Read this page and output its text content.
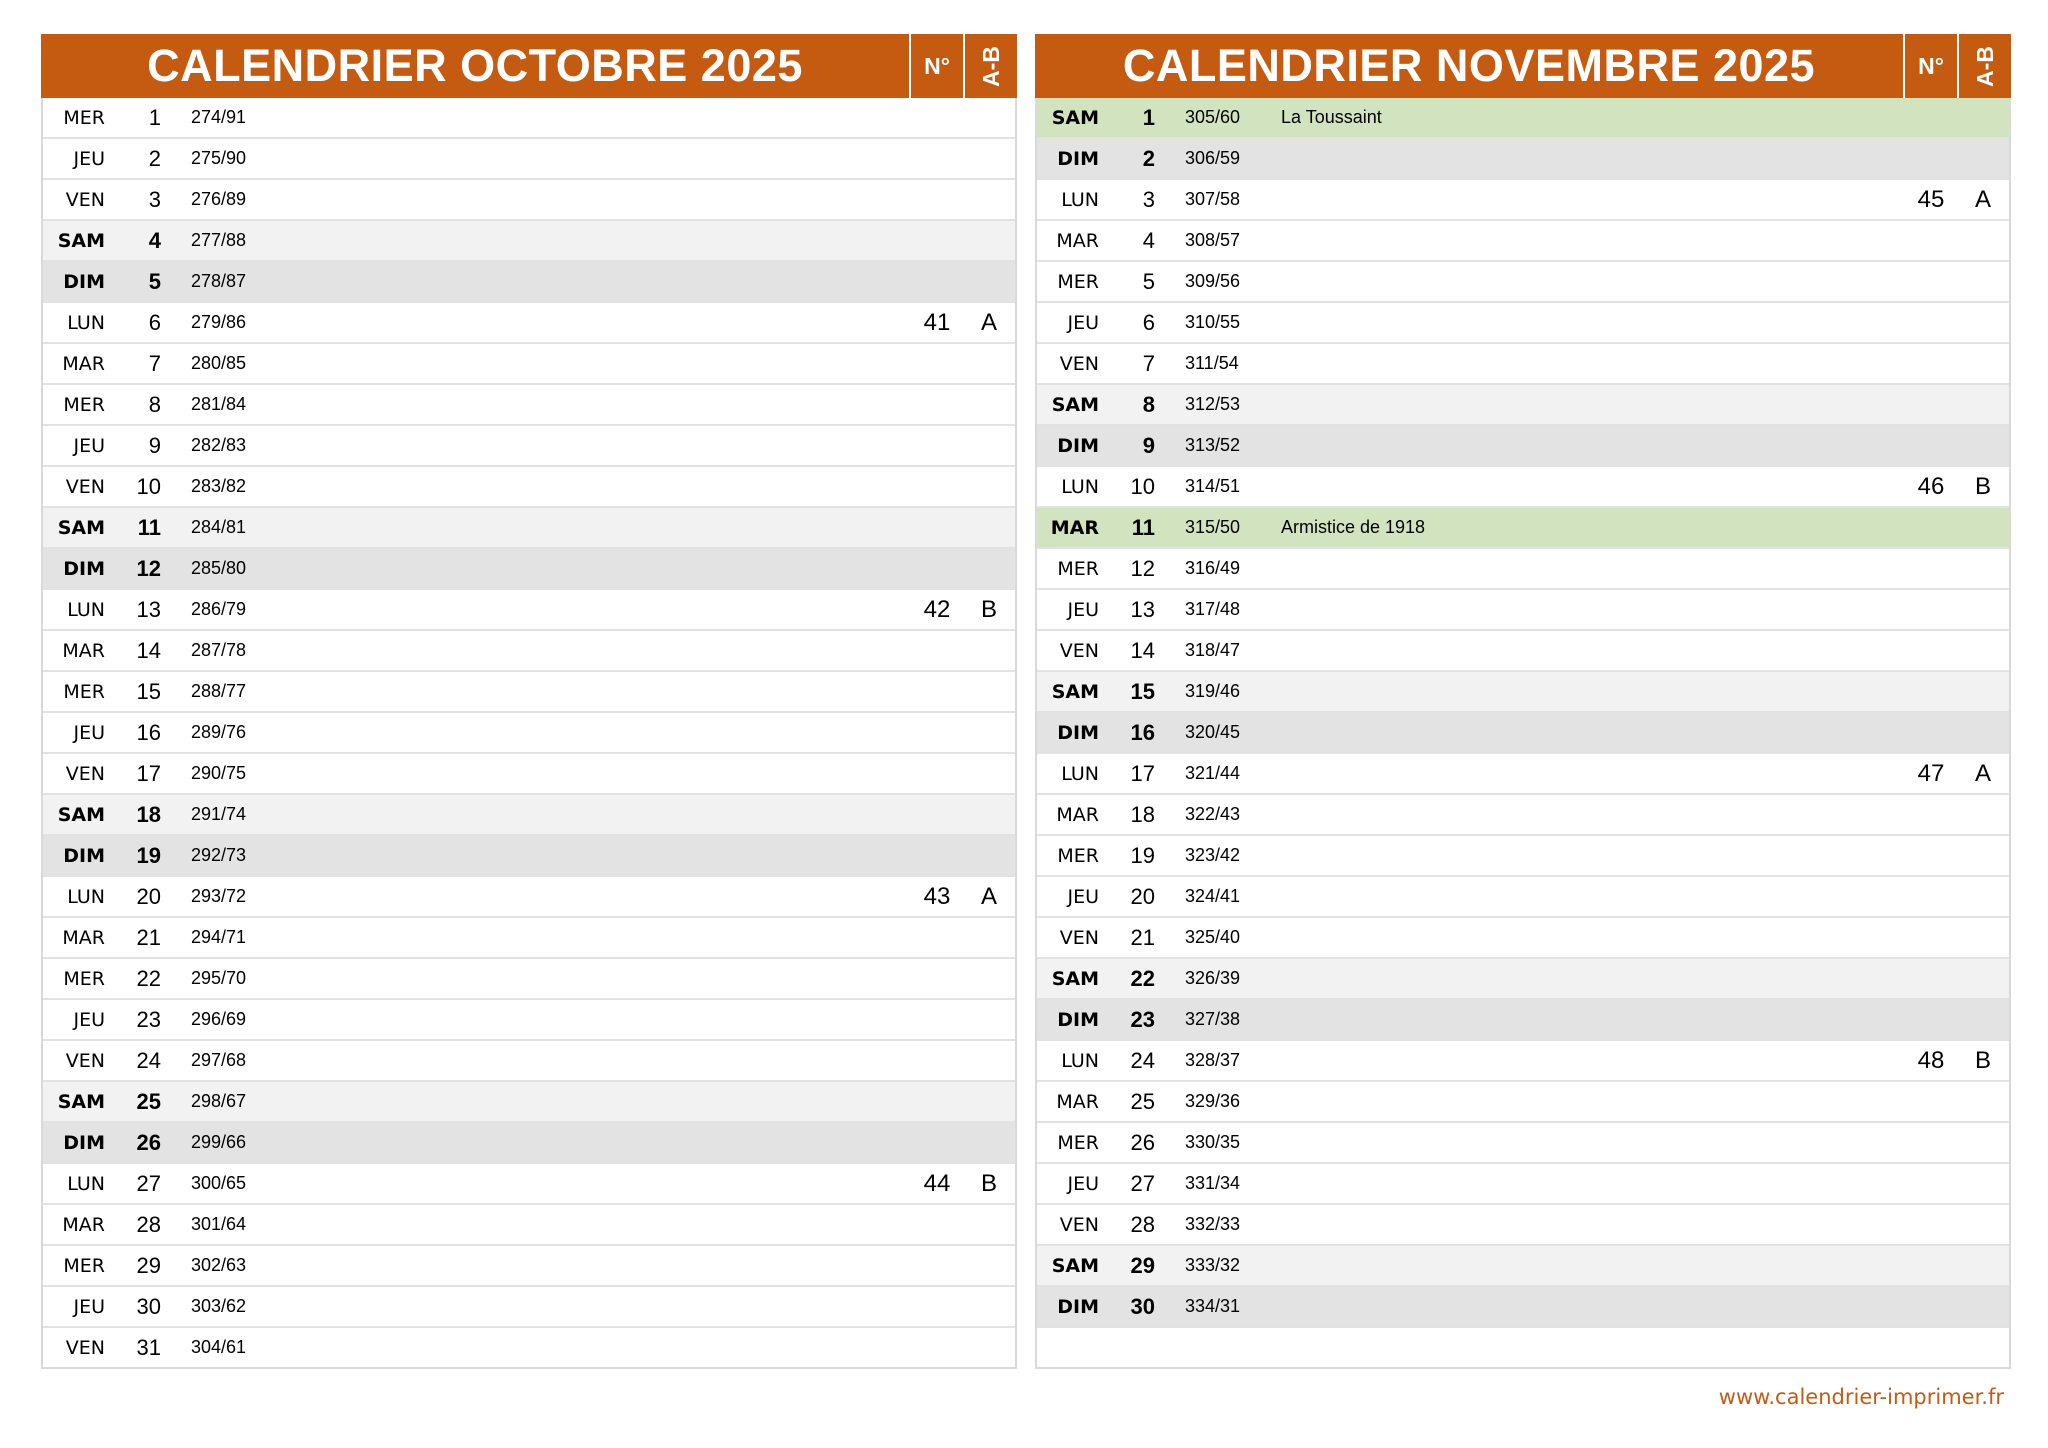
CALENDRIER OCTOBRE 2025	N°	A-B
MER	1 274/91
JEU	2 275/90
VEN	3 276/89
SAM	4 277/88
DIM	5 278/87
LUN	6 279/86	41	A
MAR	7 280/85
MER	8 281/84
JEU	9 282/83
VEN	10 283/82
SAM	11 284/81
DIM	12 285/80
LUN	13 286/79	42	B
MAR	14 287/78
MER	15 288/77
JEU	16 289/76
VEN	17 290/75
SAM	18 291/74
DIM	19 292/73
LUN	20 293/72	43	A
MAR	21 294/71
MER	22 295/70
JEU	23 296/69
VEN	24 297/68
SAM	25 298/67
DIM	26 299/66
LUN	27 300/65	44	B
MAR	28 301/64
MER	29 302/63
JEU	30 303/62
VEN	31 304/61
CALENDRIER NOVEMBRE 2025	N°	A-B
SAM	1 305/60 La Toussaint
DIM	2 306/59
LUN	3 307/58	45	A
MAR	4 308/57
MER	5 309/56
JEU	6 310/55
VEN	7 311/54
SAM	8 312/53
DIM	9 313/52
LUN	10 314/51	46	B
MAR	11 315/50 Armistice de 1918
MER	12 316/49
JEU	13 317/48
VEN	14 318/47
SAM	15 319/46
DIM	16 320/45
LUN	17 321/44	47	A
MAR	18 322/43
MER	19 323/42
JEU	20 324/41
VEN	21 325/40
SAM	22 326/39
DIM	23 327/38
LUN	24 328/37	48	B
MAR	25 329/36
MER	26 330/35
JEU	27 331/34
VEN	28 332/33
SAM	29 333/32
DIM	30 334/31
www.calendrier-imprimer.fr
